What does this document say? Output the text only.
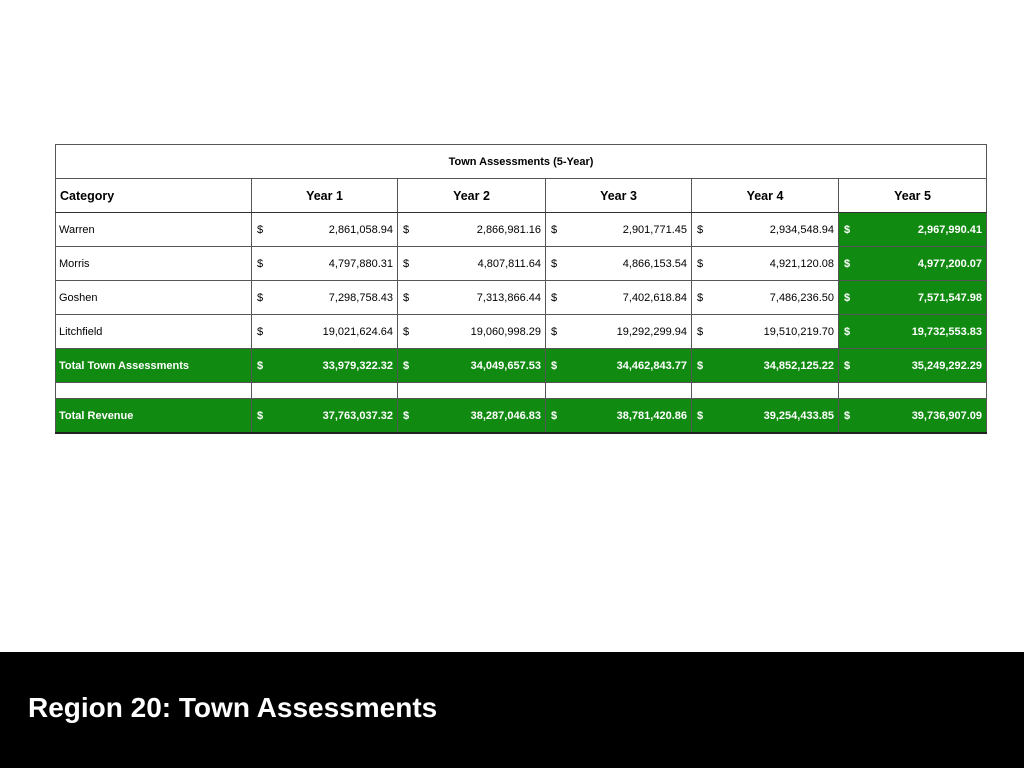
Town Assessments (5-Year)					
Category	Year 1	Year 2	Year 3	Year 4	Year 5
Warren	$ 2,861,058.94	$ 2,866,981.16	$ 2,901,771.45	$ 2,934,548.94	$ 2,967,990.41

Morris	$ 4,797,880.31	$ 4,807,811.64	$ 4,866,153.54	$ 4,921,120.08	$ 4,977,200.07

Goshen	$ 7,298,758.43	$ 7,313,866.44	$ 7,402,618.84	$ 7,486,236.50	$ 7,571,547.98

Litchfield	$ 19,021,624.64	$ 19,060,998.29	$ 19,292,299.94	$ 19,510,219.70	$ 19,732,553.83

Total Town Assessments	$ 33,979,322.32	$ 34,049,657.53	$ 34,462,843.77	$ 34,852,125.22	$ 35,249,292.29

Total Revenue	$ 37,763,037.32	$ 38,287,046.83	$ 38,781,420.86	$ 39,254,433.85	$ 39,736,907.09
Region 20: Town Assessments
